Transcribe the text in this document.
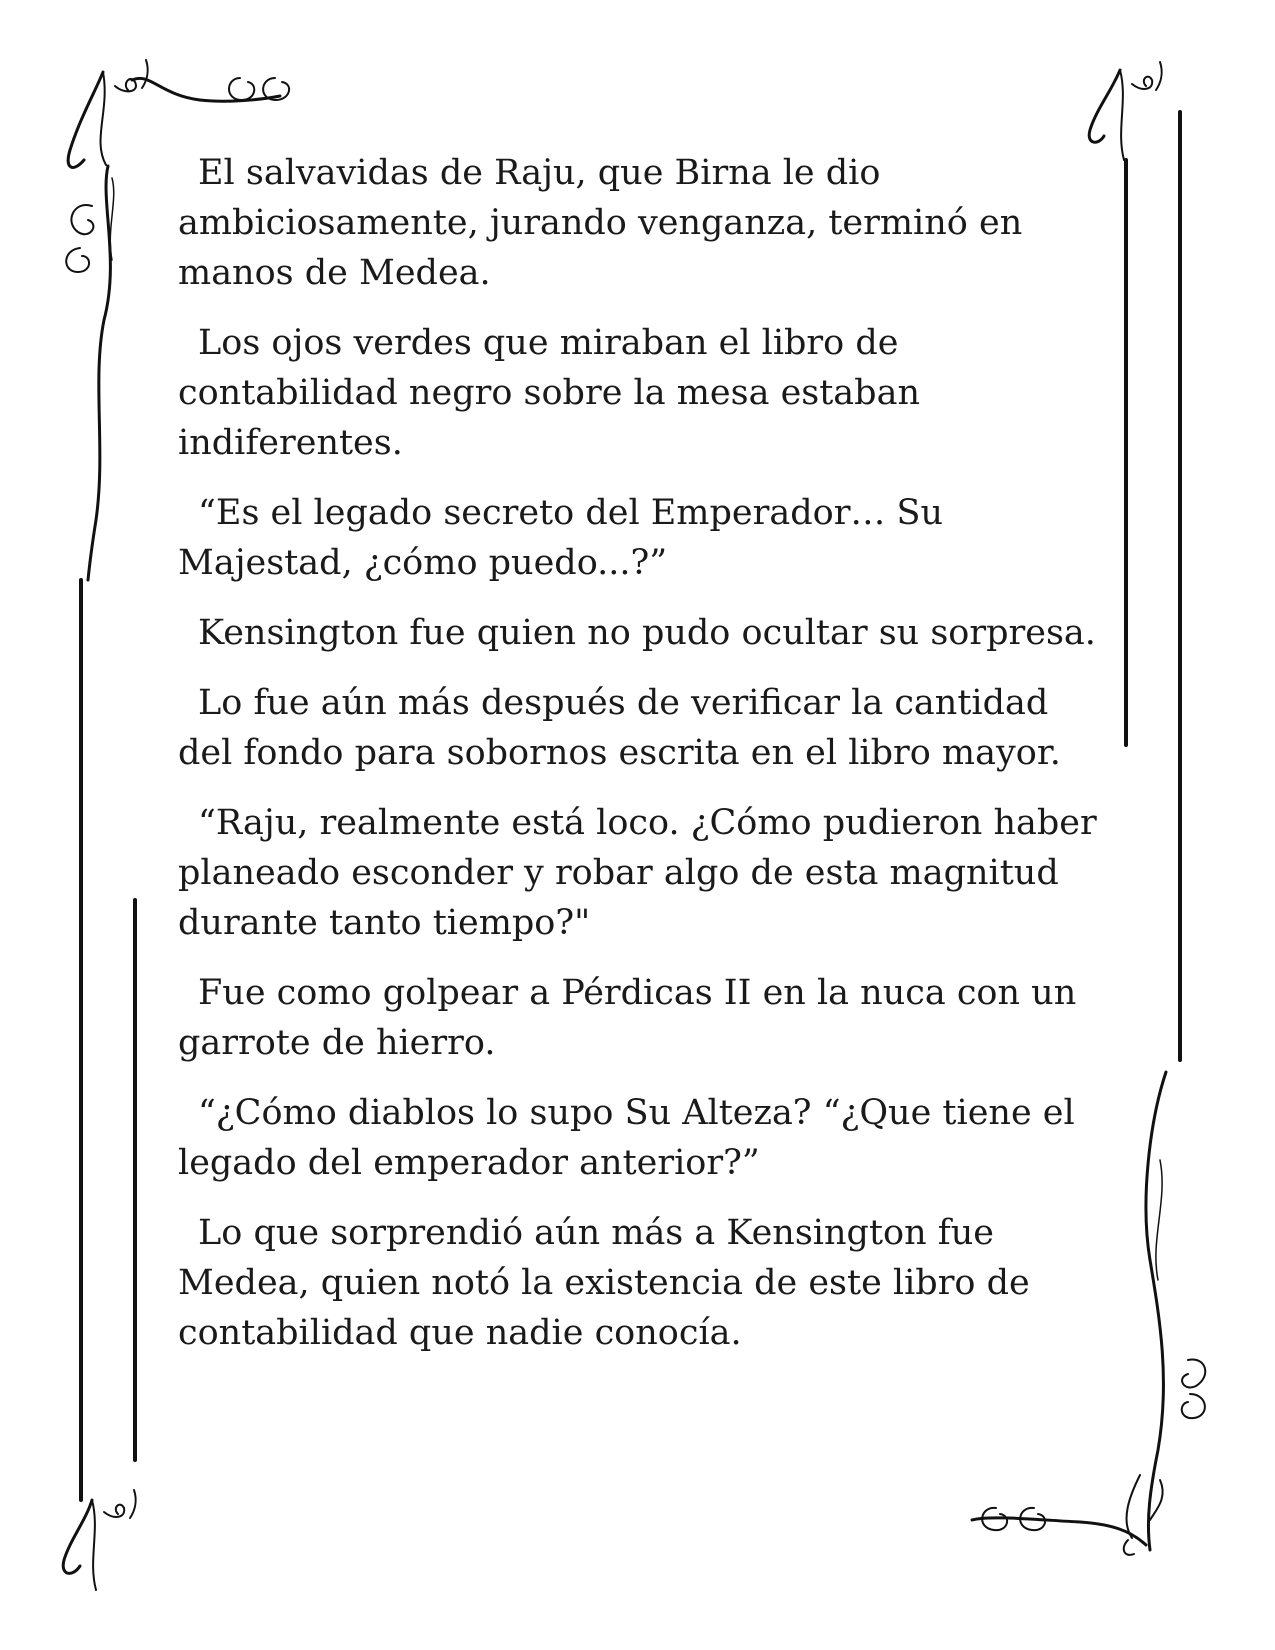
El salvavidas de Raju, que Birna le dio ambiciosamente, jurando venganza, terminó en manos de Medea.

Los ojos verdes que miraban el libro de contabilidad negro sobre la mesa estaban indiferentes.

“Es el legado secreto del Emperador… Su Majestad, ¿cómo puedo...?”

Kensington fue quien no pudo ocultar su sorpresa.

Lo fue aún más después de verificar la cantidad del fondo para sobornos escrita en el libro mayor.

“Raju, realmente está loco. ¿Cómo pudieron haber planeado esconder y robar algo de esta magnitud durante tanto tiempo?"

Fue como golpear a Pérdicas II en la nuca con un garrote de hierro.

“¿Cómo diablos lo supo Su Alteza? “¿Que tiene el legado del emperador anterior?”

Lo que sorprendió aún más a Kensington fue Medea, quien notó la existencia de este libro de contabilidad que nadie conocía.
